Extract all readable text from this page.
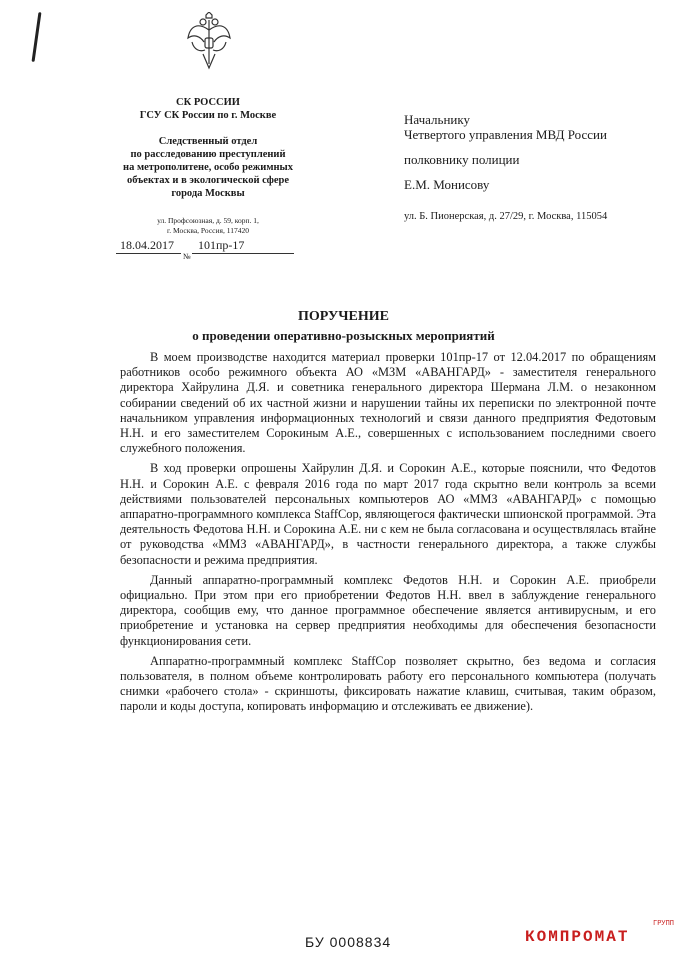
СК РОССИИ
ГСУ СК России по г. Москве
Следственный отдел
по расследованию преступлений
на метрополитене, особо режимных
объектах и в экологической сфере
города Москвы
ул. Профсоюзная, д. 59, корп. 1,
г. Москва, Россия, 117420
18.04.2017
№
101пр-17
Начальнику
Четвертого управления МВД России
полковнику полиции
Е.М. Монисову
ул. Б. Пионерская, д. 27/29, г. Москва, 115054
ПОРУЧЕНИЕ
о проведении оперативно-розыскных мероприятий

В моем производстве находится материал проверки 101пр-17 от 12.04.2017 по обращениям работников особо режимного объекта АО «МЗМ «АВАНГАРД» - заместителя генерального директора Хайрулина Д.Я. и советника генерального директора Шермана Л.М. о незаконном собирании сведений об их частной жизни и нарушении тайны их переписки по электронной почте начальником управления информационных технологий и связи данного предприятия Федотовым Н.Н. и его заместителем Сорокиным А.Е., совершенных с использованием последними своего служебного положения.

В ход проверки опрошены Хайрулин Д.Я. и Сорокин А.Е., которые пояснили, что Федотов Н.Н. и Сорокин А.Е. с февраля 2016 года по март 2017 года скрытно вели контроль за всеми действиями пользователей персональных компьютеров АО «ММЗ «АВАНГАРД» с помощью аппаратно-программного комплекса StaffCop, являющегося фактически шпионской программой. Эта деятельность Федотова Н.Н. и Сорокина А.Е. ни с кем не была согласована и осуществлялась втайне от руководства «ММЗ «АВАНГАРД», в частности генерального директора, а также службы безопасности и режима предприятия.

Данный аппаратно-программный комплекс Федотов Н.Н. и Сорокин А.Е. приобрели официально. При этом при его приобретении Федотов Н.Н. ввел в заблуждение генерального директора, сообщив ему, что данное программное обеспечение является антивирусным, и его приобретение и установка на сервер предприятия необходимы для обеспечения безопасности функционирования сети.

Аппаратно-программный комплекс StaffCop позволяет скрытно, без ведома и согласия пользователя, в полном объеме контролировать работу его персонального компьютера (получать снимки «рабочего стола» - скриншоты, фиксировать нажатие клавиш, считывая, таким образом, пароли и коды доступа, копировать информацию и отслеживать ее движение).

БУ 0008834	КОМПРОМАТ
ГРУПП
